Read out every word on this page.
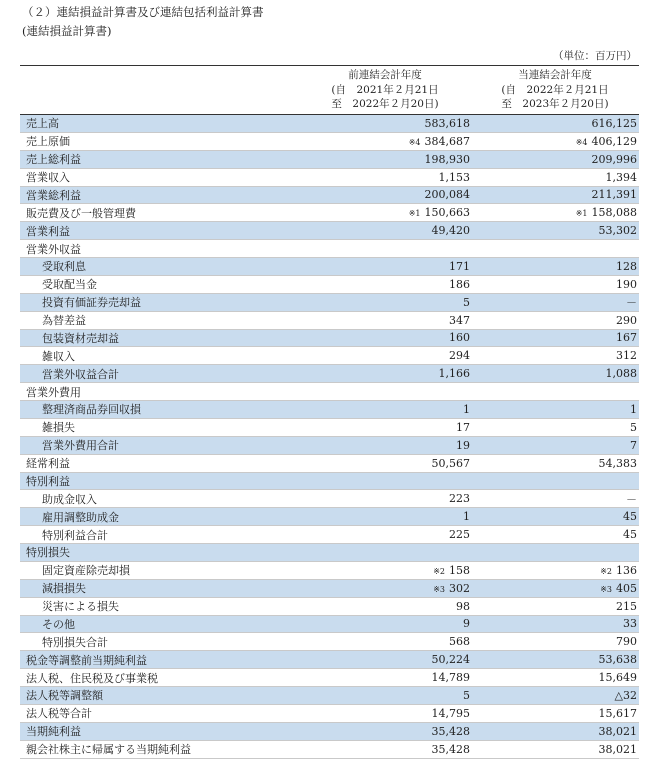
（２）連結損益計算書及び連結包括利益計算書
(連結損益計算書)
（単位：百万円）
前連結会計年度
(自　2021年２月21日
至　2022年２月20日)
当連結会計年度
(自　2022年２月21日
至　2023年２月20日)
売上高	583,618	616,125
売上原価	※4 384,687	※4 406,129
売上総利益	198,930	209,996
営業収入	1,153	1,394
営業総利益	200,084	211,391
販売費及び一般管理費	※1 150,663	※1 158,088
営業利益	49,420	53,302
営業外収益
受取利息	171	128
受取配当金	186	190
投資有価証券売却益	5	－
為替差益	347	290
包装資材売却益	160	167
雑収入	294	312
営業外収益合計	1,166	1,088
営業外費用
整理済商品券回収損	1	1
雑損失	17	5
営業外費用合計	19	7
経常利益	50,567	54,383
特別利益
助成金収入	223	－
雇用調整助成金	1	45
特別利益合計	225	45
特別損失
固定資産除売却損	※2 158	※2 136
減損損失	※3 302	※3 405
災害による損失	98	215
その他	9	33
特別損失合計	568	790
税金等調整前当期純利益	50,224	53,638
法人税、住民税及び事業税	14,789	15,649
法人税等調整額	5	△32
法人税等合計	14,795	15,617
当期純利益	35,428	38,021
親会社株主に帰属する当期純利益	35,428	38,021
